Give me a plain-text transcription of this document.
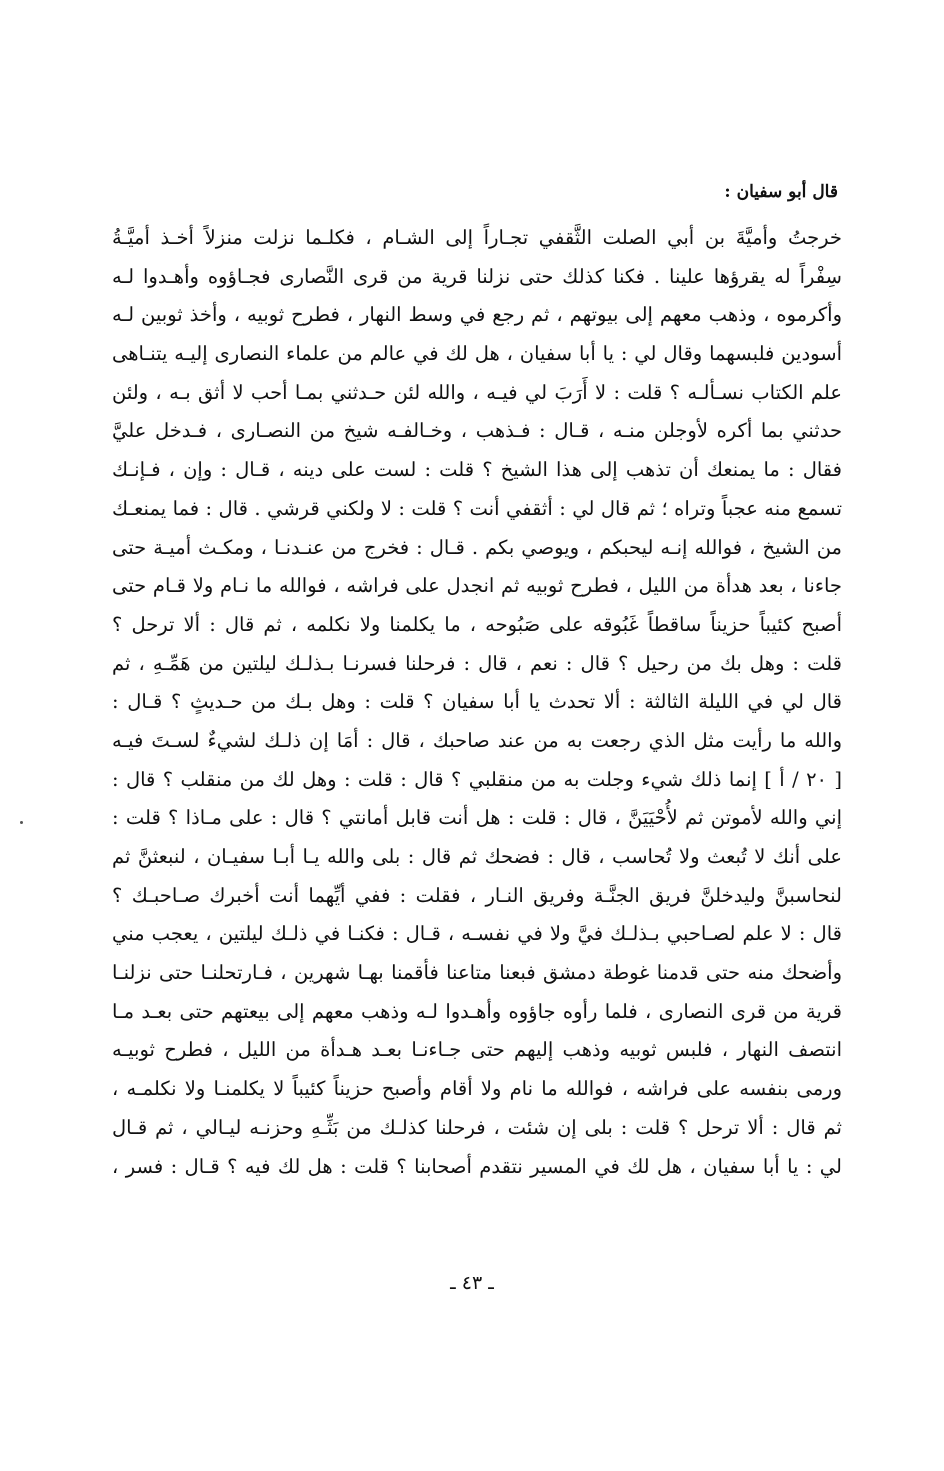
قال أبو سفيان :
خرجتُ وأميَّةَ بن أبي الصلت الثَّقفي تجـاراً إلى الشـام ، فكلـما نزلت منزلاً أخـذ أميَّـةُ
سِفْراً له يقرؤها علينا . فكنا كذلك حتى نزلنا قرية من قرى النَّصارى فجـاؤوه وأهـدوا لـه
وأكرموه ، وذهب معهم إلى بيوتهم ، ثم رجع في وسط النهار ، فطرح ثوبيه ، وأخذ ثوبين لـه
أسودين فلبسهما وقال لي : يا أبا سفيان ، هل لك في عالم من علماء النصارى إليـه يتنـاهى
علم الكتاب نسـألـه ؟ قلت : لا أَرَبَ لي فيـه ، والله لئن حـدثني بمـا أحب لا أثق بـه ، ولئن
حدثني بما أكره لأوجلن منـه ، قـال : فـذهب ، وخـالفـه شيخ من النصـارى ، فـدخل عليَّ
فقال : ما يمنعك أن تذهب إلى هذا الشيخ ؟ قلت : لست على دينه ، قـال : وإن ، فـإنـك
تسمع منه عجباً وتراه ؛ ثم قال لي : أثقفي أنت ؟ قلت : لا ولكني قرشي . قال : فما يمنعـك
من الشيخ ، فوالله إنـه ليحبكم ، ويوصي بكم . قـال : فخرج من عنـدنـا ، ومكـث أميـة حتى
جاءنا ، بعد هدأة من الليل ، فطرح ثوبيه ثم انجدل على فراشه ، فوالله ما نـام ولا قـام حتى
أصبح كئيباً حزيناً ساقطاً غَبُوقه على صَبُوحه ، ما يكلمنا ولا نكلمه ، ثم قال : ألا ترحل ؟
قلت : وهل بك من رحيل ؟ قال : نعم ، قال : فرحلنا فسرنـا بـذلـك ليلتين من هَمِّـهِ ، ثم
قال لي في الليلة الثالثة : ألا تحدث يا أبا سفيان ؟ قلت : وهل بـك من حـديثٍ ؟ قـال :
والله ما رأيت مثل الذي رجعت به من عند صاحبك ، قال : أمَا إن ذلـك لشيءٌ لسـتَ فيـه
[ ٢٠ / أ ] إنما ذلك شيء وجلت به من منقلبي ؟ قال : قلت : وهل لك من منقلب ؟ قال :
إني والله لأموتن ثم لأُحْيَيَنَّ ، قال : قلت : هل أنت قابل أمانتي ؟ قال : على مـاذا ؟ قلت :
على أنك لا تُبعث ولا تُحاسب ، قال : فضحك ثم قال : بلى والله يـا أبـا سفيـان ، لنبعثنَّ ثم
لنحاسبنَّ وليدخلنَّ فريق الجنَّـة وفريق النـار ، فقلت : ففي أيِّهما أنت أخبرك صـاحبـك ؟
قال : لا علم لصـاحبي بـذلـك فيَّ ولا في نفسـه ، قـال : فكنـا في ذلـك ليلتين ، يعجب مني
وأضحك منه حتى قدمنا غوطة دمشق فبعنا متاعنا فأقمنا بهـا شهرين ، فـارتحلنـا حتى نزلنـا
قرية من قرى النصارى ، فلما رأوه جاؤوه وأهـدوا لـه وذهب معهم إلى بيعتهم حتى بعـد مـا
انتصف النهار ، فلبس ثوبيه وذهب إليهم حتى جـاءنـا بعـد هـدأة من الليل ، فطرح ثوبيـه
ورمى بنفسه على فراشه ، فوالله ما نام ولا أقام وأصبح حزيناً كئيباً لا يكلمنـا ولا نكلمـه ،
ثم قال : ألا ترحل ؟ قلت : بلى إن شئت ، فرحلنا كذلـك من بَثِّـهِ وحزنـه ليـالي ، ثم قـال
لي : يا أبا سفيان ، هل لك في المسير نتقدم أصحابنا ؟ قلت : هل لك فيه ؟ قـال : فسر ،
ـ ٤٣ ـ
